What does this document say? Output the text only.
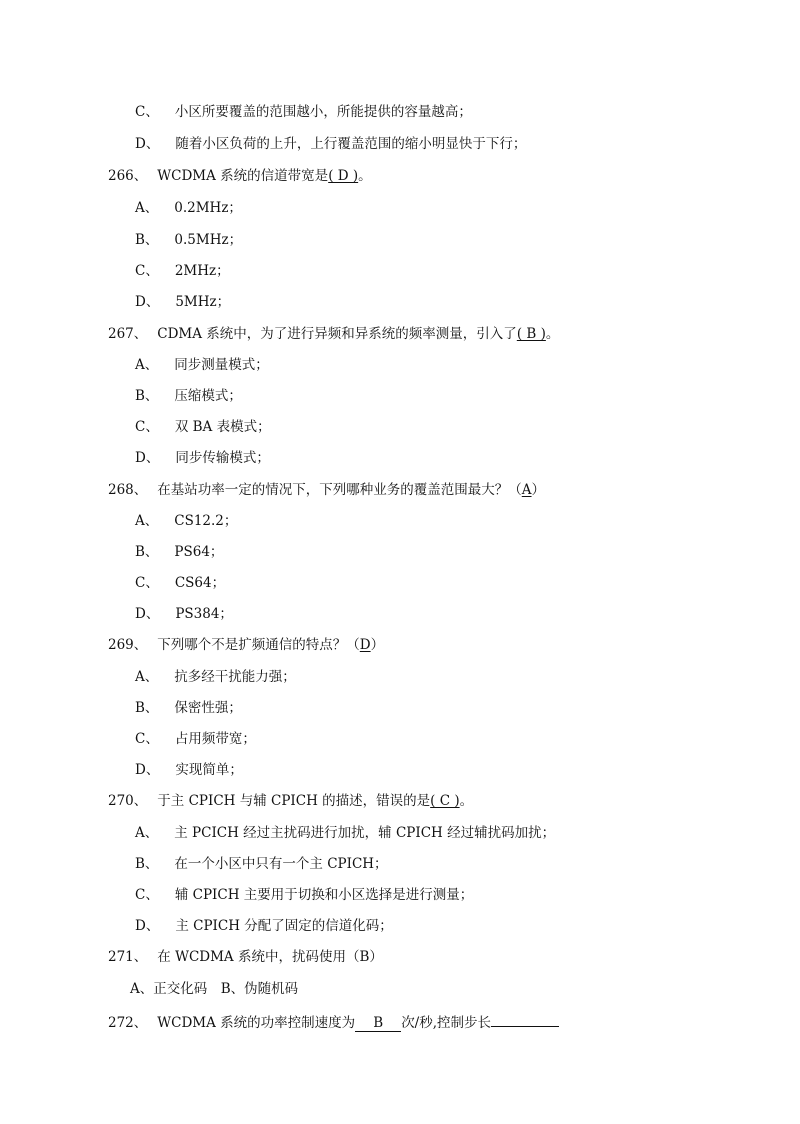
C、 小区所要覆盖的范围越小，所能提供的容量越高；
D、 随着小区负荷的上升，上行覆盖范围的缩小明显快于下行；
266、 WCDMA 系统的信道带宽是( D )。
A、 0.2MHz；
B、 0.5MHz；
C、 2MHz；
D、 5MHz；
267、 CDMA 系统中，为了进行异频和异系统的频率测量，引入了( B )。
A、 同步测量模式；
B、 压缩模式；
C、 双 BA 表模式；
D、 同步传输模式；
268、 在基站功率一定的情况下，下列哪种业务的覆盖范围最大？（A）
A、 CS12.2；
B、 PS64；
C、 CS64；
D、 PS384；
269、 下列哪个不是扩频通信的特点？（D）
A、 抗多经干扰能力强；
B、 保密性强；
C、 占用频带宽；
D、 实现简单；
270、 于主 CPICH 与辅 CPICH 的描述，错误的是( C )。
A、 主 PCICH 经过主扰码进行加扰，辅 CPICH 经过辅扰码加扰；
B、 在一个小区中只有一个主 CPICH；
C、 辅 CPICH 主要用于切换和小区选择是进行测量；
D、 主 CPICH 分配了固定的信道化码；
271、 在 WCDMA 系统中，扰码使用（B）
A、正交化码　B、伪随机码
272、 WCDMA 系统的功率控制速度为 B 次/秒,控制步长
